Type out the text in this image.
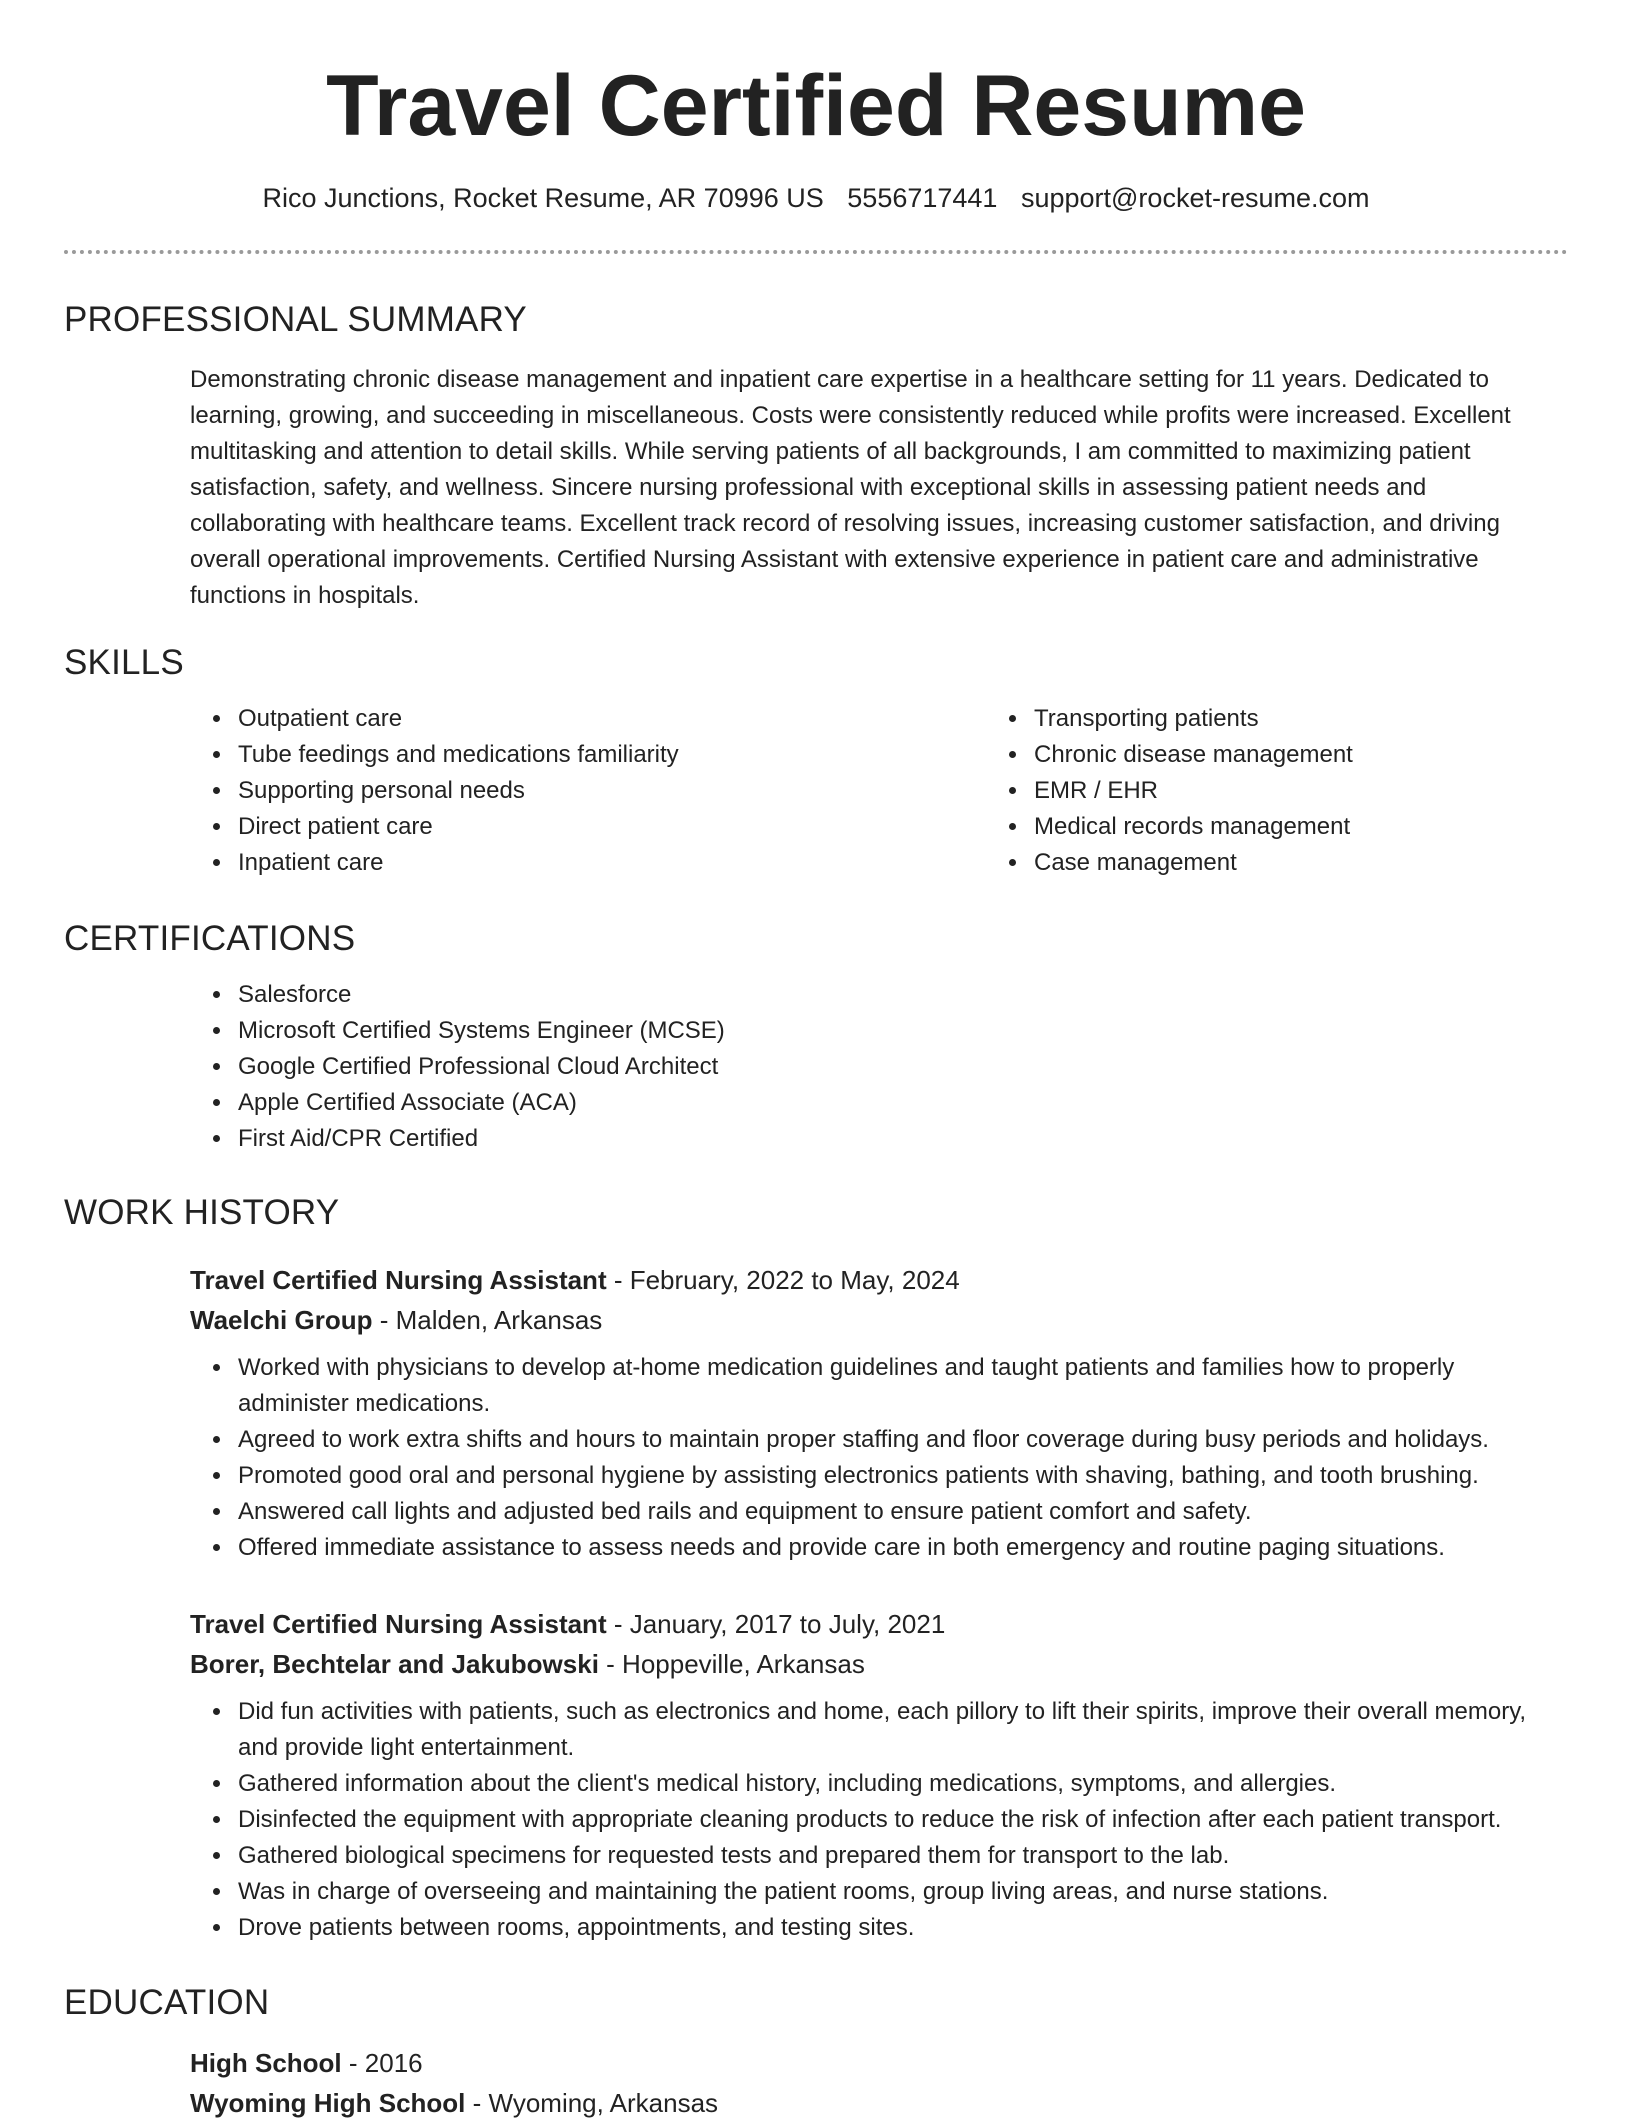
Travel Certified Resume
Rico Junctions, Rocket Resume, AR 70996 US 5556717441 support@rocket-resume.com
PROFESSIONAL SUMMARY

Demonstrating chronic disease management and inpatient care expertise in a healthcare setting for 11 years. Dedicated to learning, growing, and succeeding in miscellaneous. Costs were consistently reduced while profits were increased. Excellent multitasking and attention to detail skills. While serving patients of all backgrounds, I am committed to maximizing patient satisfaction, safety, and wellness. Sincere nursing professional with exceptional skills in assessing patient needs and collaborating with healthcare teams. Excellent track record of resolving issues, increasing customer satisfaction, and driving overall operational improvements. Certified Nursing Assistant with extensive experience in patient care and administrative functions in hospitals.

SKILLS
• Outpatient care
• Tube feedings and medications familiarity
• Supporting personal needs
• Direct patient care
• Inpatient care
• Transporting patients
• Chronic disease management
• EMR / EHR
• Medical records management
• Case management
CERTIFICATIONS
• Salesforce
• Microsoft Certified Systems Engineer (MCSE)
• Google Certified Professional Cloud Architect
• Apple Certified Associate (ACA)
• First Aid/CPR Certified
WORK HISTORY
Travel Certified Nursing Assistant - February, 2022 to May, 2024
Waelchi Group - Malden, Arkansas
• Worked with physicians to develop at-home medication guidelines and taught patients and families how to properly administer medications.
• Agreed to work extra shifts and hours to maintain proper staffing and floor coverage during busy periods and holidays.
• Promoted good oral and personal hygiene by assisting electronics patients with shaving, bathing, and tooth brushing.
• Answered call lights and adjusted bed rails and equipment to ensure patient comfort and safety.
• Offered immediate assistance to assess needs and provide care in both emergency and routine paging situations.
Travel Certified Nursing Assistant - January, 2017 to July, 2021
Borer, Bechtelar and Jakubowski - Hoppeville, Arkansas
• Did fun activities with patients, such as electronics and home, each pillory to lift their spirits, improve their overall memory, and provide light entertainment.
• Gathered information about the client's medical history, including medications, symptoms, and allergies.
• Disinfected the equipment with appropriate cleaning products to reduce the risk of infection after each patient transport.
• Gathered biological specimens for requested tests and prepared them for transport to the lab.
• Was in charge of overseeing and maintaining the patient rooms, group living areas, and nurse stations.
• Drove patients between rooms, appointments, and testing sites.
EDUCATION
High School - 2016
Wyoming High School - Wyoming, Arkansas
